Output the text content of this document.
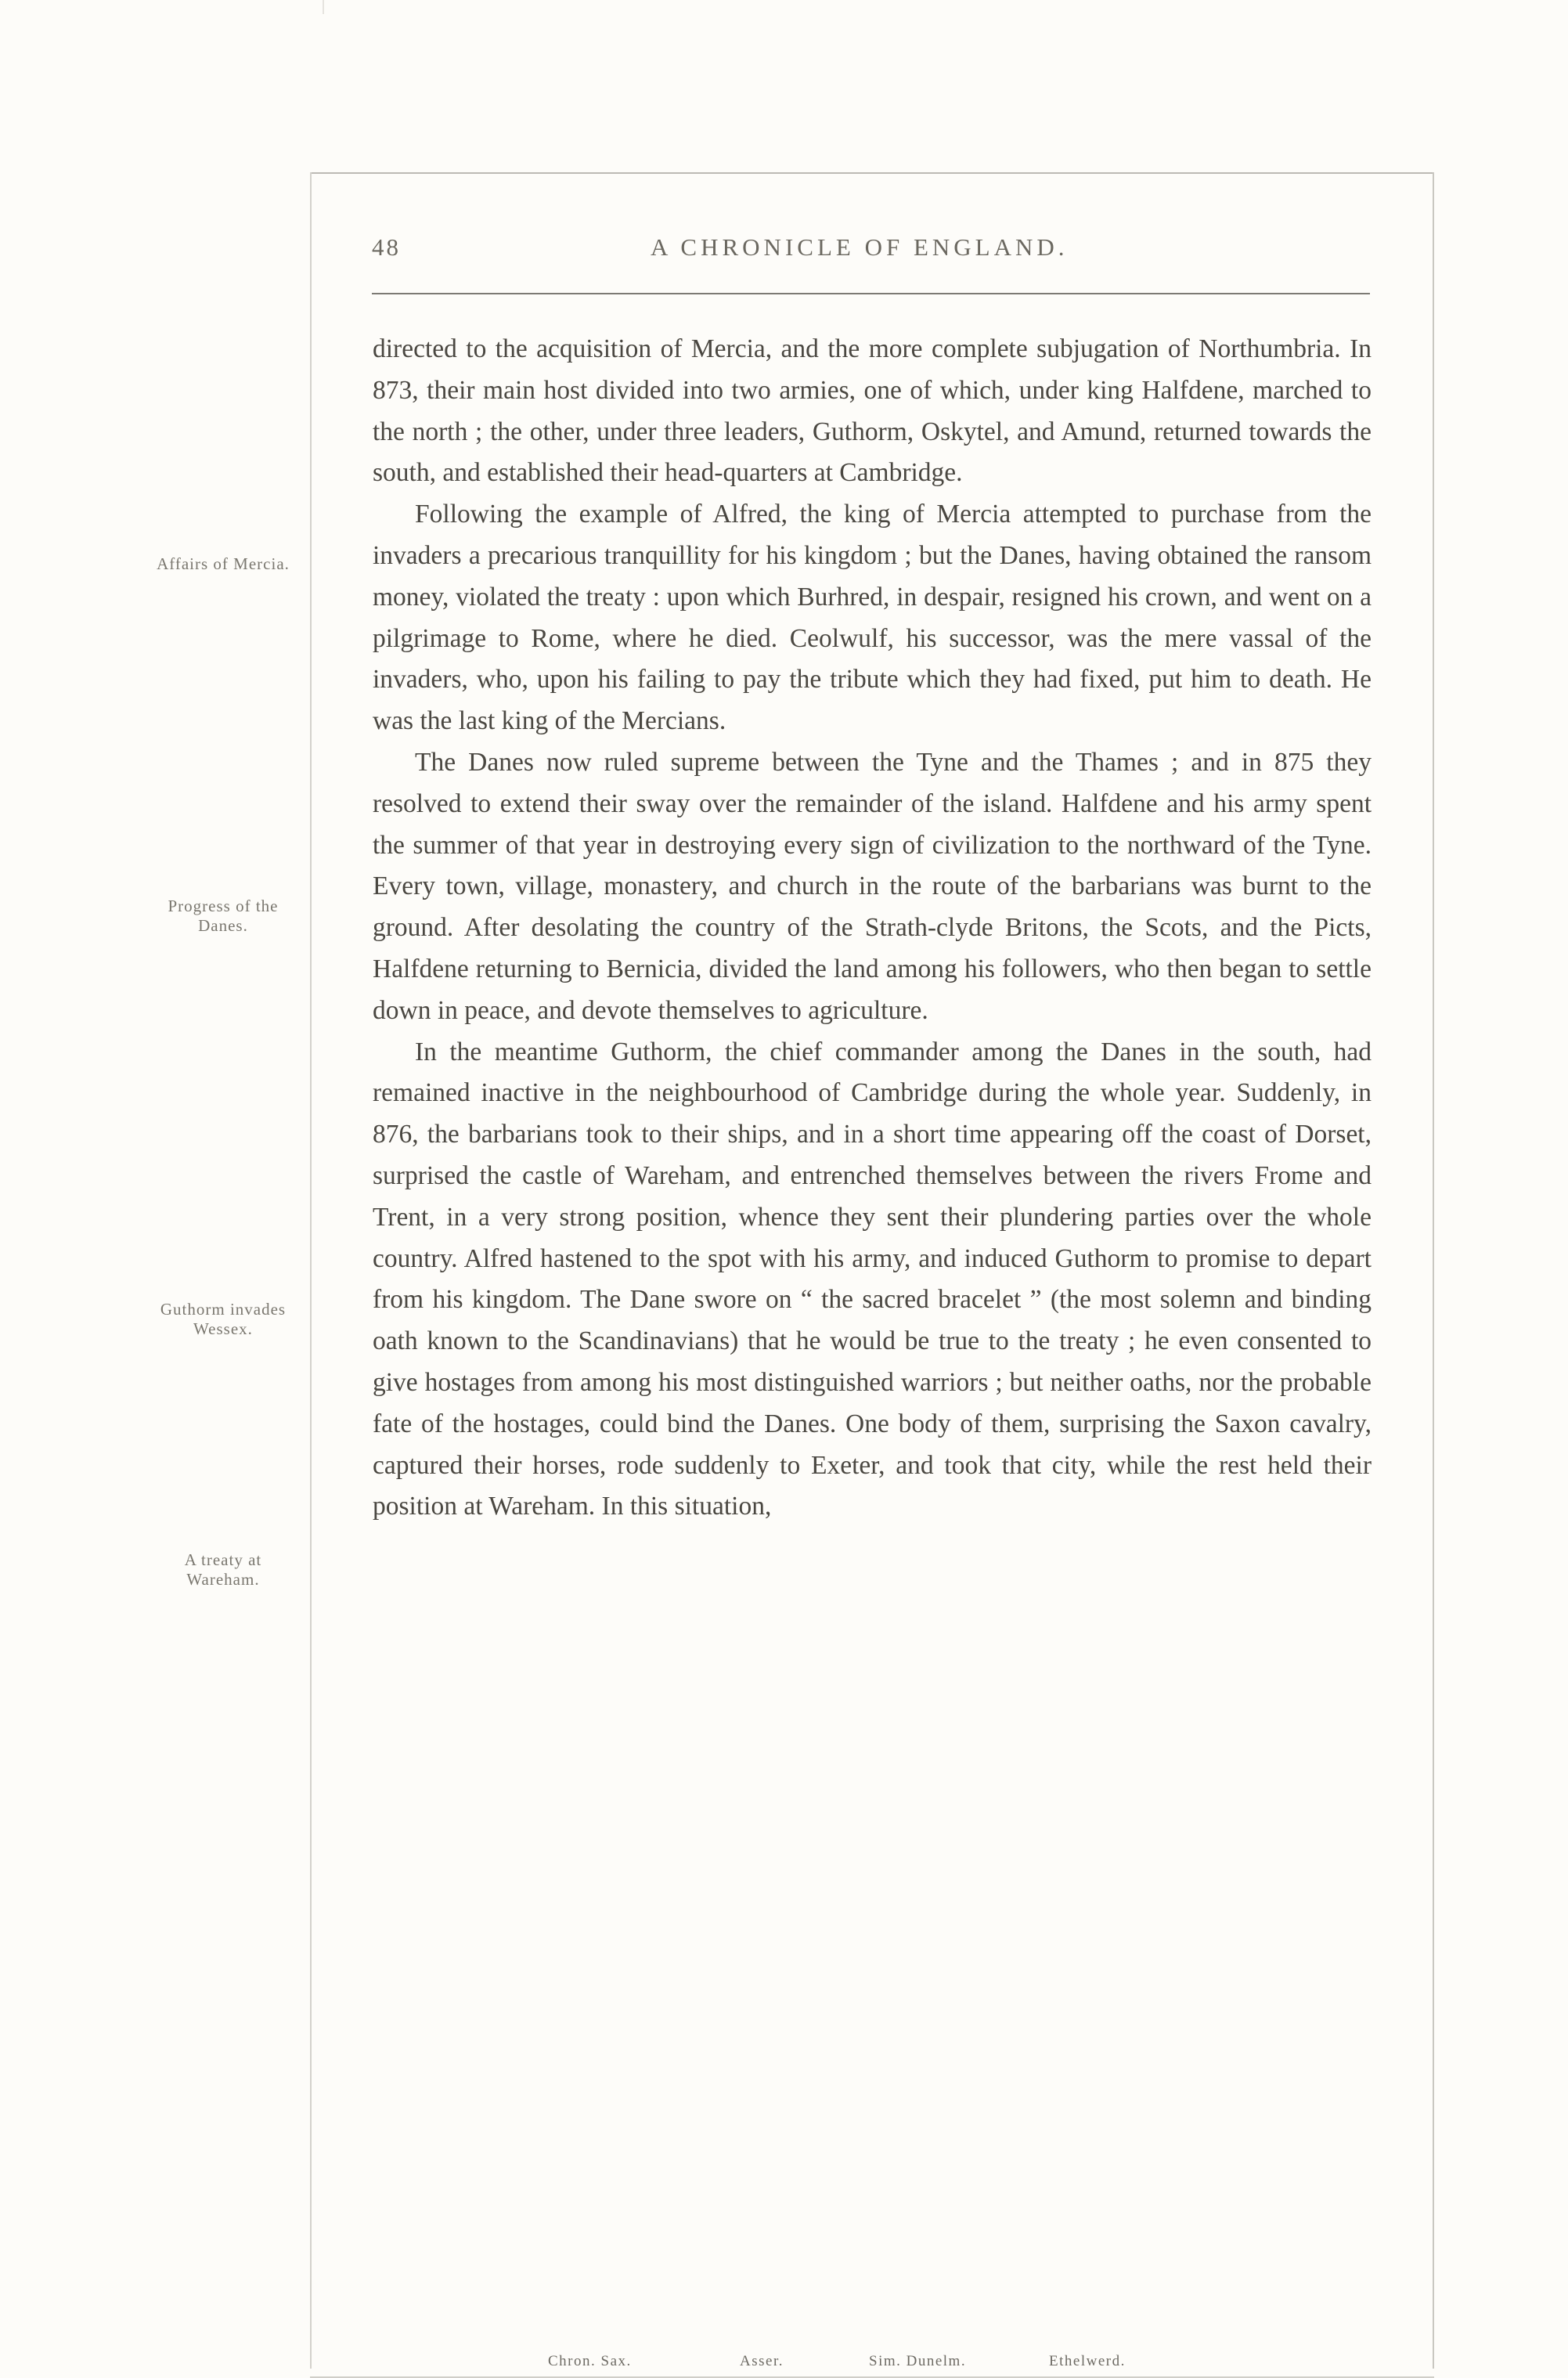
48	A CHRONICLE OF ENGLAND.
Affairs of Mercia.
Progress of the Danes.
Guthorm invades Wessex.
A treaty at Wareham.

directed to the acquisition of Mercia, and the more complete subjugation of Northumbria. In 873, their main host divided into two armies, one of which, under king Halfdene, marched to the north ; the other, under three leaders, Guthorm, Oskytel, and Amund, returned towards the south, and established their head-quarters at Cambridge.

Following the example of Alfred, the king of Mercia attempted to purchase from the invaders a precarious tranquillity for his kingdom ; but the Danes, having obtained the ransom money, violated the treaty : upon which Burhred, in despair, resigned his crown, and went on a pilgrimage to Rome, where he died. Ceolwulf, his successor, was the mere vassal of the invaders, who, upon his failing to pay the tribute which they had fixed, put him to death. He was the last king of the Mercians.

The Danes now ruled supreme between the Tyne and the Thames ; and in 875 they resolved to extend their sway over the remainder of the island. Halfdene and his army spent the summer of that year in destroying every sign of civilization to the northward of the Tyne. Every town, village, monastery, and church in the route of the barbarians was burnt to the ground. After desolating the country of the Strath-clyde Britons, the Scots, and the Picts, Halfdene returning to Bernicia, divided the land among his followers, who then began to settle down in peace, and devote themselves to agriculture.

In the meantime Guthorm, the chief commander among the Danes in the south, had remained inactive in the neighbourhood of Cambridge during the whole year. Suddenly, in 876, the barbarians took to their ships, and in a short time appearing off the coast of Dorset, surprised the castle of Wareham, and entrenched themselves between the rivers Frome and Trent, in a very strong position, whence they sent their plundering parties over the whole country. Alfred hastened to the spot with his army, and induced Guthorm to promise to depart from his kingdom. The Dane swore on “ the sacred bracelet ” (the most solemn and binding oath known to the Scandinavians) that he would be true to the treaty ; he even consented to give hostages from among his most distinguished warriors ; but neither oaths, nor the probable fate of the hostages, could bind the Danes. One body of them, surprising the Saxon cavalry, captured their horses, rode suddenly to Exeter, and took that city, while the rest held their position at Wareham. In this situation,

Chron. Sax.	Asser.	Sim. Dunelm.	Ethelwerd.
